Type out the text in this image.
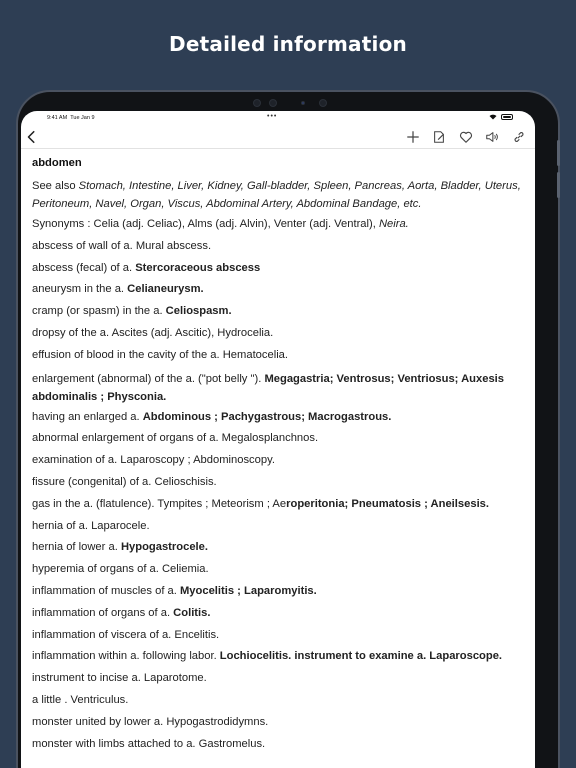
Detailed information
9:41 AM Tue Jan 9	•••
abdomen
See also Stomach, Intestine, Liver, Kidney, Gall-bladder, Spleen, Pancreas, Aorta, Bladder, Uterus, Peritoneum, Navel, Organ, Viscus, Abdominal Artery, Abdominal Bandage, etc.
Synonyms : Celia (adj. Celiac), Alms (adj. Alvin), Venter (adj. Ventral), Neira.
abscess of wall of a. Mural abscess.
abscess (fecal) of a. Stercoraceous abscess
aneurysm in the a. Celianeurysm.
cramp (or spasm) in the a. Celiospasm.
dropsy of the a. Ascites (adj. Ascitic), Hydrocelia.
effusion of blood in the cavity of the a. Hematocelia.
enlargement (abnormal) of the a. ("pot belly "). Megagastria; Ventrosus; Ventriosus; Auxesis abdominalis ; Physconia.
having an enlarged a. Abdominous ; Pachygastrous; Macrogastrous.
abnormal enlargement of organs of a. Megalosplanchnos.
examination of a. Laparoscopy ; Abdominoscopy.
fissure (congenital) of a. Celioschisis.
gas in the a. (flatulence). Tympites ; Meteorism ; Aeroperitonia; Pneumatosis ; Aneilsesis.
hernia of a. Laparocele.
hernia of lower a. Hypogastrocele.
hyperemia of organs of a. Celiemia.
inflammation of muscles of a. Myocelitis ; Laparomyitis.
inflammation of organs of a. Colitis.
inflammation of viscera of a. Encelitis.
inflammation within a. following labor. Lochiocelitis. instrument to examine a. Laparoscope.
instrument to incise a. Laparotome.
a little . Ventriculus.
monster united by lower a. Hypogastrodidymns.
monster with limbs attached to a. Gastromelus.
